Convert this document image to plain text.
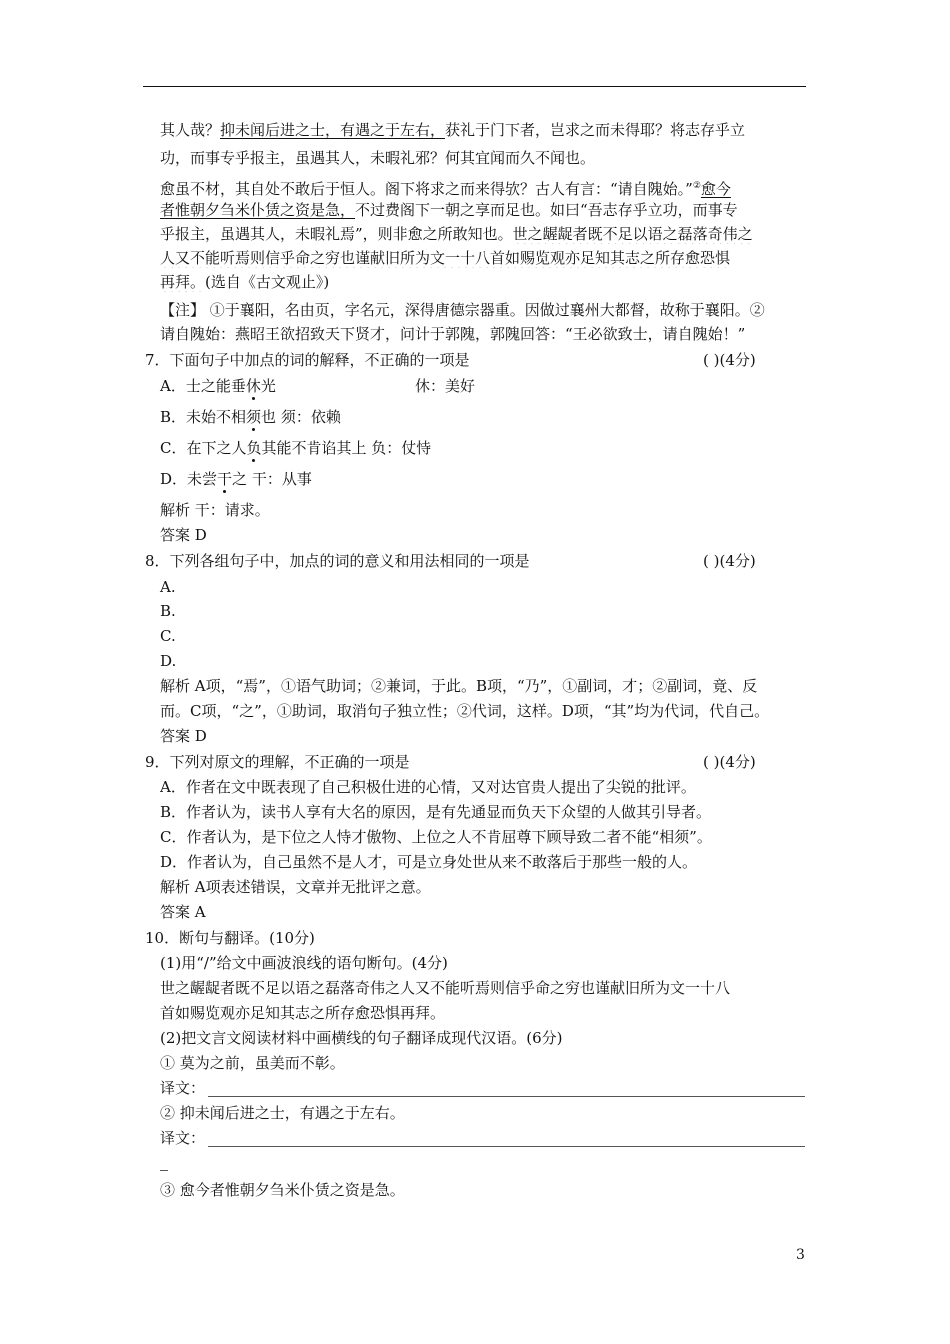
其人哉？抑未闻后进之士，有遇之于左右，获礼于门下者，岂求之而未得耶？将志存乎立
功，而事专乎报主，虽遇其人，未暇礼邪？何其宜闻而久不闻也。
愈虽不材，其自处不敢后于恒人。阁下将求之而来得欤？古人有言：“请自隗始。”②愈今
者惟朝夕刍米仆赁之资是急，不过费阁下一朝之享而足也。如曰“吾志存乎立功，而事专
乎报主，虽遇其人，未暇礼焉”，则非愈之所敢知也。世之龌龊者既不足以语之磊落奇伟之
人又不能听焉则信乎命之穷也谨献旧所为文一十八首如赐览观亦足知其志之所存愈恐惧
再拜。(选自《古文观止》)
【注】 ①于襄阳，名由页，字名元，深得唐德宗器重。因做过襄州大都督，故称于襄阳。②
请自隗始：燕昭王欲招致天下贤才，问计于郭隗，郭隗回答：“王必欲致士，请自隗始！”
7．下面句子中加点的词的解释，不正确的一项是	( )(4分)
A．士之能垂休光	休：美好
B．未始不相须也 须：依赖
C．在下之人负其能不肯谄其上 负：仗恃
D．未尝干之 干：从事
解析 干：请求。
答案 D
8．下列各组句子中，加点的词的意义和用法相同的一项是	( )(4分)
A.
B.
C.
D.
解析 A项，“焉”，①语气助词；②兼词，于此。B项，“乃”，①副词，才；②副词，竟、反
而。C项，“之”，①助词，取消句子独立性；②代词，这样。D项，“其”均为代词，代自己。
答案 D
9．下列对原文的理解，不正确的一项是	( )(4分)
A．作者在文中既表现了自己积极仕进的心情，又对达官贵人提出了尖锐的批评。
B．作者认为，读书人享有大名的原因，是有先通显而负天下众望的人做其引导者。
C．作者认为，是下位之人恃才傲物、上位之人不肯屈尊下顾导致二者不能“相须”。
D．作者认为，自己虽然不是人才，可是立身处世从来不敢落后于那些一般的人。
解析 A项表述错误，文章并无批评之意。
答案 A
10．断句与翻译。(10分)
(1)用“/”给文中画波浪线的语句断句。(4分)
世之龌龊者既不足以语之磊落奇伟之人又不能听焉则信乎命之穷也谨献旧所为文一十八
首如赐览观亦足知其志之所存愈恐惧再拜。
(2)把文言文阅读材料中画横线的句子翻译成现代汉语。(6分)
① 莫为之前，虽美而不彰。
译文：
② 抑未闻后进之士，有遇之于左右。
译文：
③ 愈今者惟朝夕刍米仆赁之资是急。
3
